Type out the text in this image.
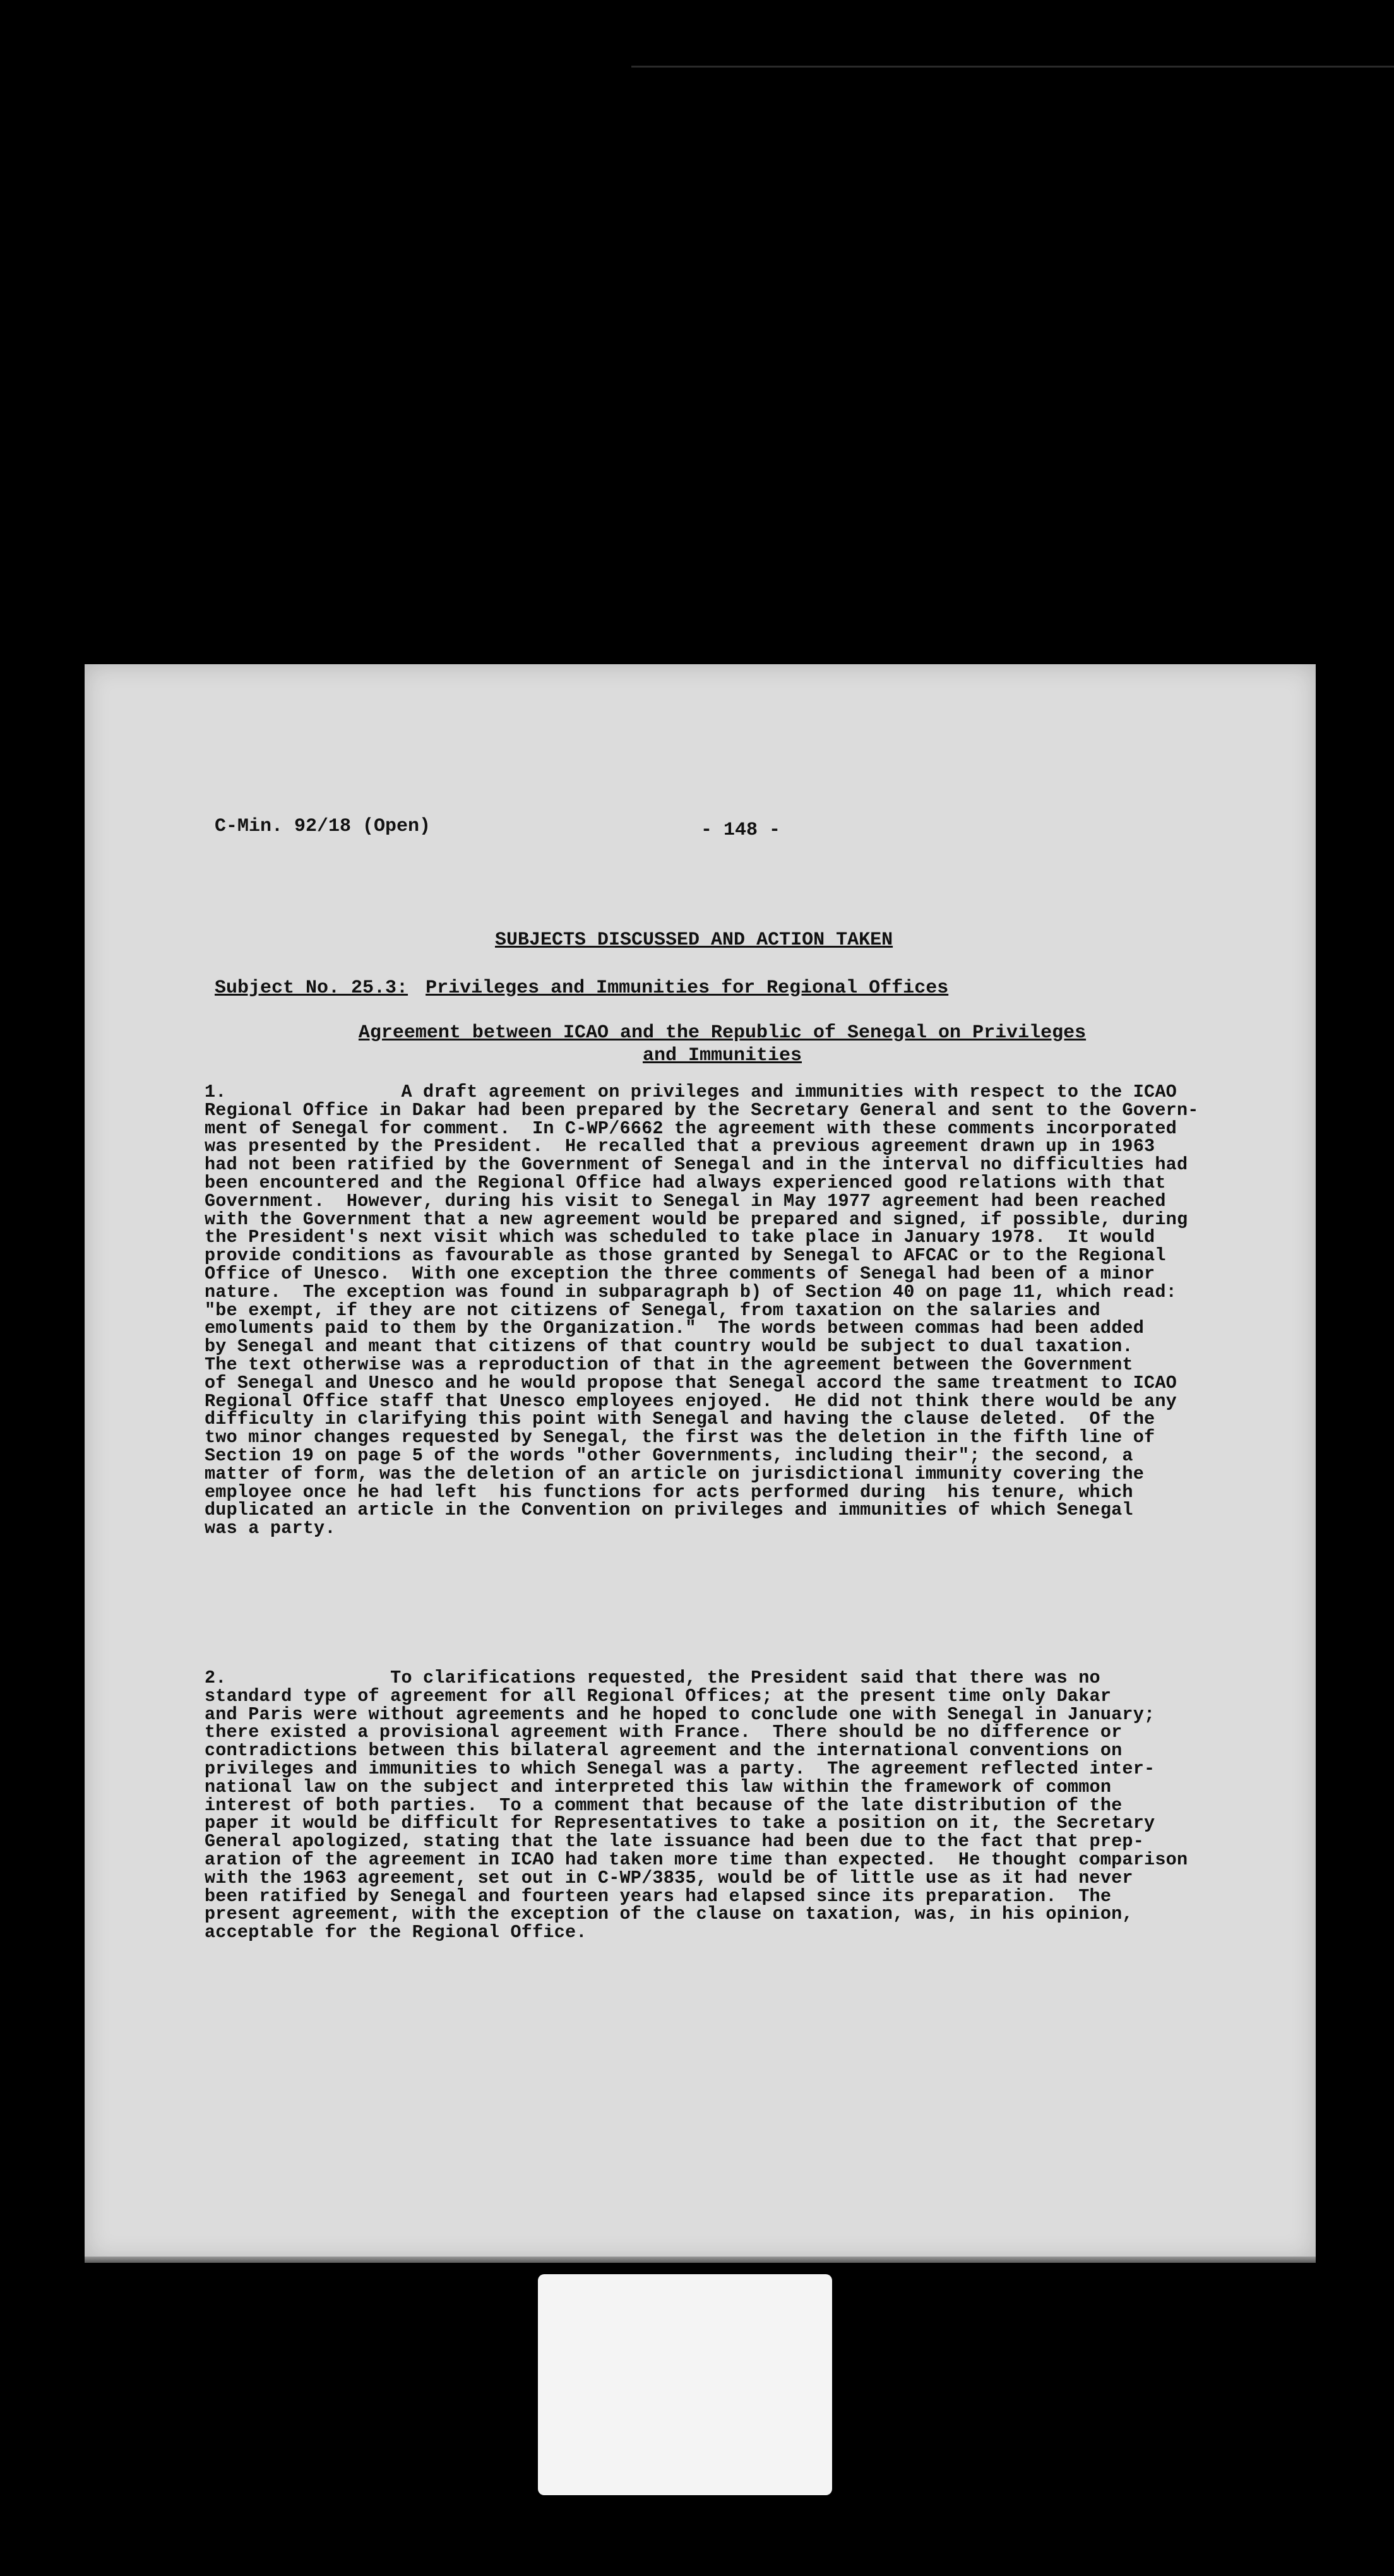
C-Min. 92/18 (Open)	- 148 -
SUBJECTS DISCUSSED AND ACTION TAKEN
Subject No. 25.3: Privileges and Immunities for Regional Offices
Agreement between ICAO and the Republic of Senegal on Privileges
and Immunities
1.                A draft agreement on privileges and immunities with respect to the ICAO
Regional Office in Dakar had been prepared by the Secretary General and sent to the Govern-
ment of Senegal for comment.  In C-WP/6662 the agreement with these comments incorporated
was presented by the President.  He recalled that a previous agreement drawn up in 1963
had not been ratified by the Government of Senegal and in the interval no difficulties had
been encountered and the Regional Office had always experienced good relations with that
Government.  However, during his visit to Senegal in May 1977 agreement had been reached
with the Government that a new agreement would be prepared and signed, if possible, during
the President's next visit which was scheduled to take place in January 1978.  It would
provide conditions as favourable as those granted by Senegal to AFCAC or to the Regional
Office of Unesco.  With one exception the three comments of Senegal had been of a minor
nature.  The exception was found in subparagraph b) of Section 40 on page 11, which read:
"be exempt, if they are not citizens of Senegal, from taxation on the salaries and
emoluments paid to them by the Organization."  The words between commas had been added
by Senegal and meant that citizens of that country would be subject to dual taxation.
The text otherwise was a reproduction of that in the agreement between the Government
of Senegal and Unesco and he would propose that Senegal accord the same treatment to ICAO
Regional Office staff that Unesco employees enjoyed.  He did not think there would be any
difficulty in clarifying this point with Senegal and having the clause deleted.  Of the
two minor changes requested by Senegal, the first was the deletion in the fifth line of
Section 19 on page 5 of the words "other Governments, including their"; the second, a
matter of form, was the deletion of an article on jurisdictional immunity covering the
employee once he had left  his functions for acts performed during  his tenure, which
duplicated an article in the Convention on privileges and immunities of which Senegal
was a party.
2.               To clarifications requested, the President said that there was no
standard type of agreement for all Regional Offices; at the present time only Dakar
and Paris were without agreements and he hoped to conclude one with Senegal in January;
there existed a provisional agreement with France.  There should be no difference or
contradictions between this bilateral agreement and the international conventions on
privileges and immunities to which Senegal was a party.  The agreement reflected inter-
national law on the subject and interpreted this law within the framework of common
interest of both parties.  To a comment that because of the late distribution of the
paper it would be difficult for Representatives to take a position on it, the Secretary
General apologized, stating that the late issuance had been due to the fact that prep-
aration of the agreement in ICAO had taken more time than expected.  He thought comparison
with the 1963 agreement, set out in C-WP/3835, would be of little use as it had never
been ratified by Senegal and fourteen years had elapsed since its preparation.  The
present agreement, with the exception of the clause on taxation, was, in his opinion,
acceptable for the Regional Office.
